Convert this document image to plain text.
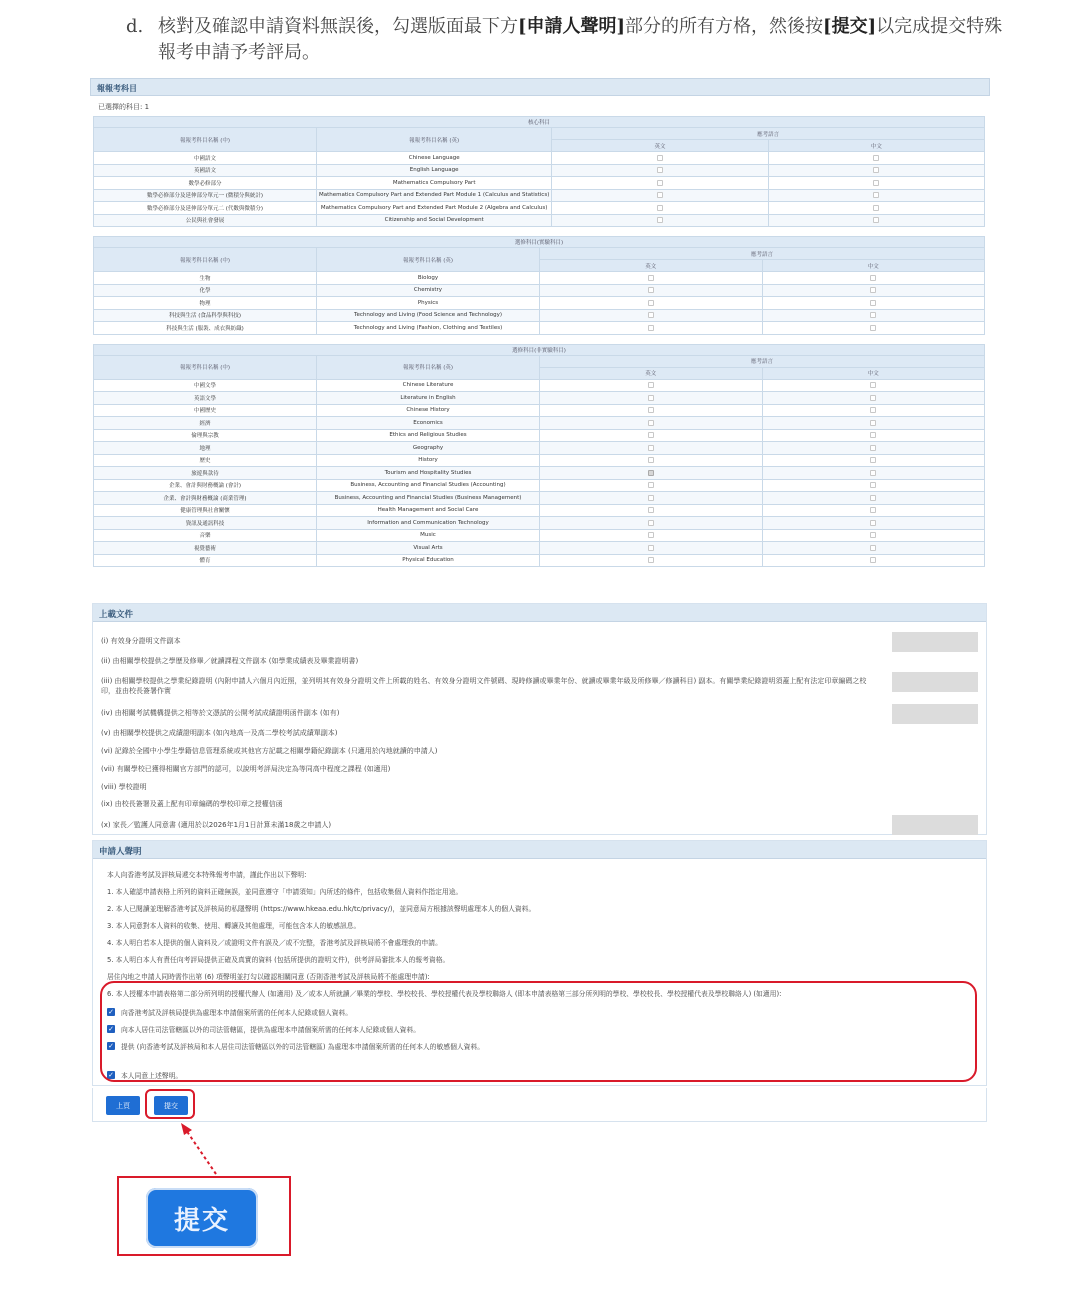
d. 核對及確認申請資料無誤後，勾選版面最下方[申請人聲明]部分的所有方格，然後按[提交]以完成提交特殊
報考申請予考評局。
報報考科目
已選擇的科目: 1
核心科目			
報報考科目名稱 (中)	報報考科目名稱 (英)	應考語言	
		英文	中文
中國語文	Chinese Language		
英國語文	English Language		
數學必修部分	Mathematics Compulsory Part		
數學必修部分及延伸部分單元一 (微積分與統計)	Mathematics Compulsory Part and Extended Part Module 1 (Calculus and Statistics)		
數學必修部分及延伸部分單元二 (代數與微積分)	Mathematics Compulsory Part and Extended Part Module 2 (Algebra and Calculus)		
公民與社會發展	Citizenship and Social Development		
選修科目(實驗科目)			
報報考科目名稱 (中)	報報考科目名稱 (英)	應考語言	
		英文	中文
生物	Biology		
化學	Chemistry		
物理	Physics		
科技與生活 (食品科學與科技)	Technology and Living (Food Science and Technology)		
科技與生活 (服裝、成衣與紡織)	Technology and Living (Fashion, Clothing and Textiles)		
選修科目(非實驗科目)			
報報考科目名稱 (中)	報報考科目名稱 (英)	應考語言	
		英文	中文
中國文學	Chinese Literature		
英語文學	Literature in English		
中國歷史	Chinese History		
經濟	Economics		
倫理與宗教	Ethics and Religious Studies		
地理	Geography		
歷史	History		
旅遊與款待	Tourism and Hospitality Studies		
企業、會計與財務概論 (會計)	Business, Accounting and Financial Studies (Accounting)		
企業、會計與財務概論 (商業管理)	Business, Accounting and Financial Studies (Business Management)		
健康管理與社會關懷	Health Management and Social Care		
資訊及通訊科技	Information and Communication Technology		
音樂	Music		
視覺藝術	Visual Arts		
體育	Physical Education		
上載文件
(i) 有效身分證明文件副本
(ii) 由相關學校提供之學歷及修畢／就讀課程文件副本 (如學業成績表及畢業證明書)
(iii) 由相關學校提供之學業紀錄證明 (內附申請人六個月內近照，並列明其有效身分證明文件上所載的姓名、有效身分證明文件號碼、現時修讀或畢業年份、就讀或畢業年級及所修畢／修讀科目) 副本。有關學業紀錄證明須蓋上配有法定印章編碼之校印，並由校長簽署作實
(iv) 由相關考試機構提供之相等於文憑試的公開考試成績證明函件副本 (如有)
(v) 由相關學校提供之成績證明副本 (如內地高一及高二學校考試成績單副本)
(vi) 記錄於全國中小學生學籍信息管理系統或其他官方記載之相關學籍紀錄副本 (只適用於內地就讀的申請人)
(vii) 有關學校已獲得相關官方部門的認可，以說明考評局決定為等同高中程度之課程 (如適用)
(viii) 學校證明
(ix) 由校長簽署及蓋上配有印章編碼的學校印章之授權信函
(x) 家長／監護人同意書 (適用於以2026年1月1日計算未滿18歲之申請人)
申請人聲明
本人向香港考試及評核局遞交本特殊報考申請，謹此作出以下聲明:
1. 本人確認申請表格上所列的資料正確無誤，並同意遵守「申請須知」內所述的條件，包括收集個人資料作指定用途。
2. 本人已閱讀並理解香港考試及評核局的私隱聲明 (https://www.hkeaa.edu.hk/tc/privacy/)，並同意局方根據該聲明處理本人的個人資料。
3. 本人同意對本人資料的收集、使用、轉讓及其他處理，可能包含本人的敏感訊息。
4. 本人明白若本人提供的個人資料及／或證明文件有誤及／或不完整，香港考試及評核局將不會處理我的申請。
5. 本人明白本人有責任向考評局提供正確及真實的資料 (包括所提供的證明文件)，供考評局審批本人的報考資格。
居住內地之申請人同時需作出第 (6) 項聲明並打勾以確認相關同意 (否則香港考試及評核局將不能處理申請):
6. 本人授權本申請表格第二部分所列明的授權代辦人 (如適用) 及／或本人所就讀／畢業的學校、學校校長、學校授權代表及學校聯絡人 (即本申請表格第三部分所列明的學校、學校校長、學校授權代表及學校聯絡人) (如適用):
✓ 向香港考試及評核局提供為處理本申請個案所需的任何本人紀錄或個人資料。
✓ 向本人居住司法管轄區以外的司法管轄區，提供為處理本申請個案所需的任何本人紀錄或個人資料。
✓ 提供 (向香港考試及評核局和本人居住司法管轄區以外的司法管轄區) 為處理本申請個案所需的任何本人的敏感個人資料。
✓ 本人同意上述聲明。
上頁	提交
提交
